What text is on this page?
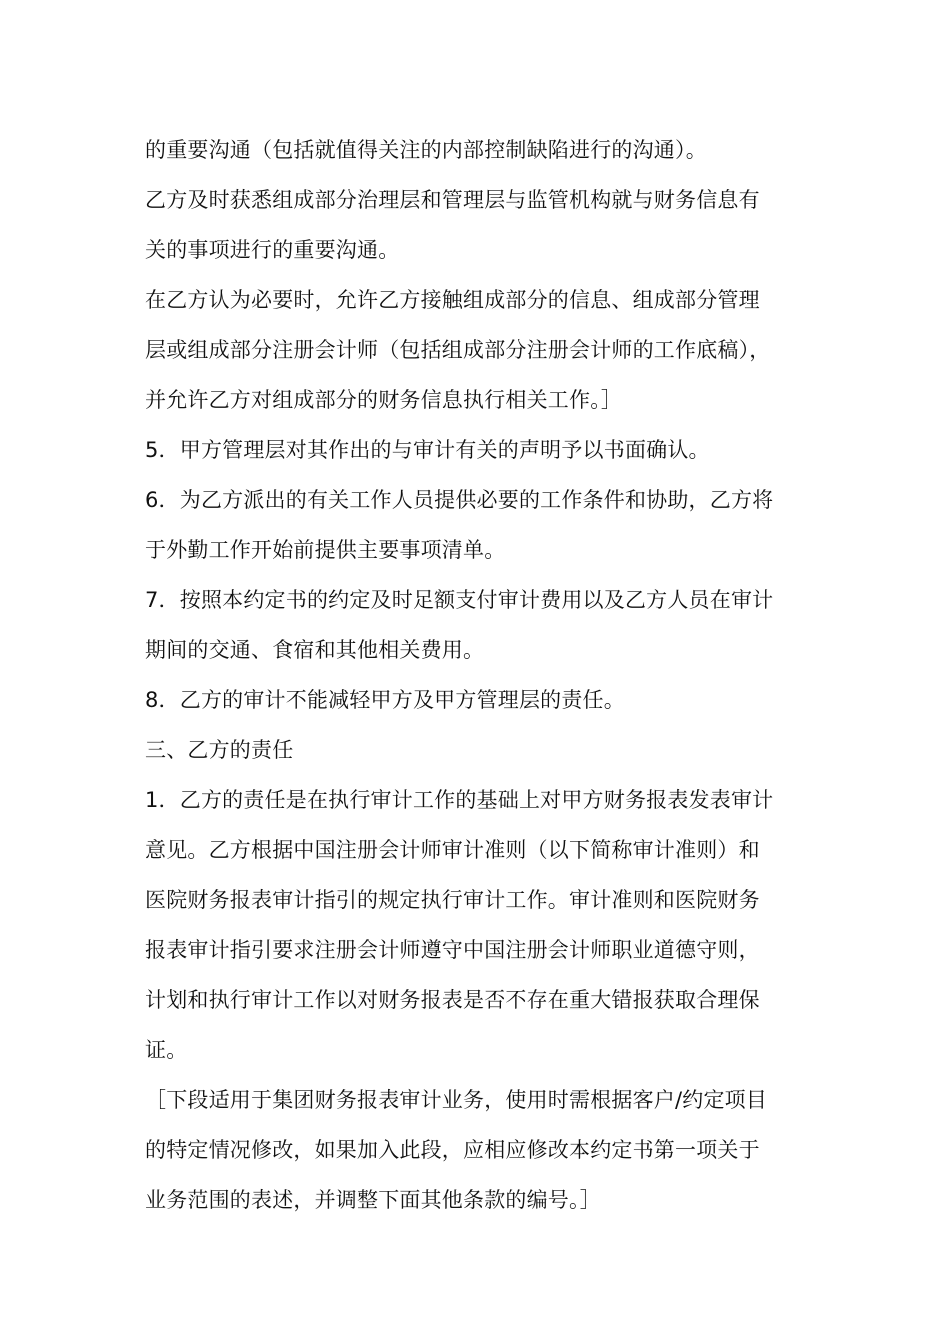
的重要沟通（包括就值得关注的内部控制缺陷进行的沟通）。
乙方及时获悉组成部分治理层和管理层与监管机构就与财务信息有
关的事项进行的重要沟通。
在乙方认为必要时，允许乙方接触组成部分的信息、组成部分管理
层或组成部分注册会计师（包括组成部分注册会计师的工作底稿），
并允许乙方对组成部分的财务信息执行相关工作。］
5．甲方管理层对其作出的与审计有关的声明予以书面确认。
6．为乙方派出的有关工作人员提供必要的工作条件和协助，乙方将
于外勤工作开始前提供主要事项清单。
7．按照本约定书的约定及时足额支付审计费用以及乙方人员在审计
期间的交通、食宿和其他相关费用。
8．乙方的审计不能减轻甲方及甲方管理层的责任。
三、乙方的责任
1．乙方的责任是在执行审计工作的基础上对甲方财务报表发表审计
意见。乙方根据中国注册会计师审计准则（以下简称审计准则）和
医院财务报表审计指引的规定执行审计工作。审计准则和医院财务
报表审计指引要求注册会计师遵守中国注册会计师职业道德守则，
计划和执行审计工作以对财务报表是否不存在重大错报获取合理保
证。
［下段适用于集团财务报表审计业务，使用时需根据客户/约定项目
的特定情况修改，如果加入此段，应相应修改本约定书第一项关于
业务范围的表述，并调整下面其他条款的编号。］
